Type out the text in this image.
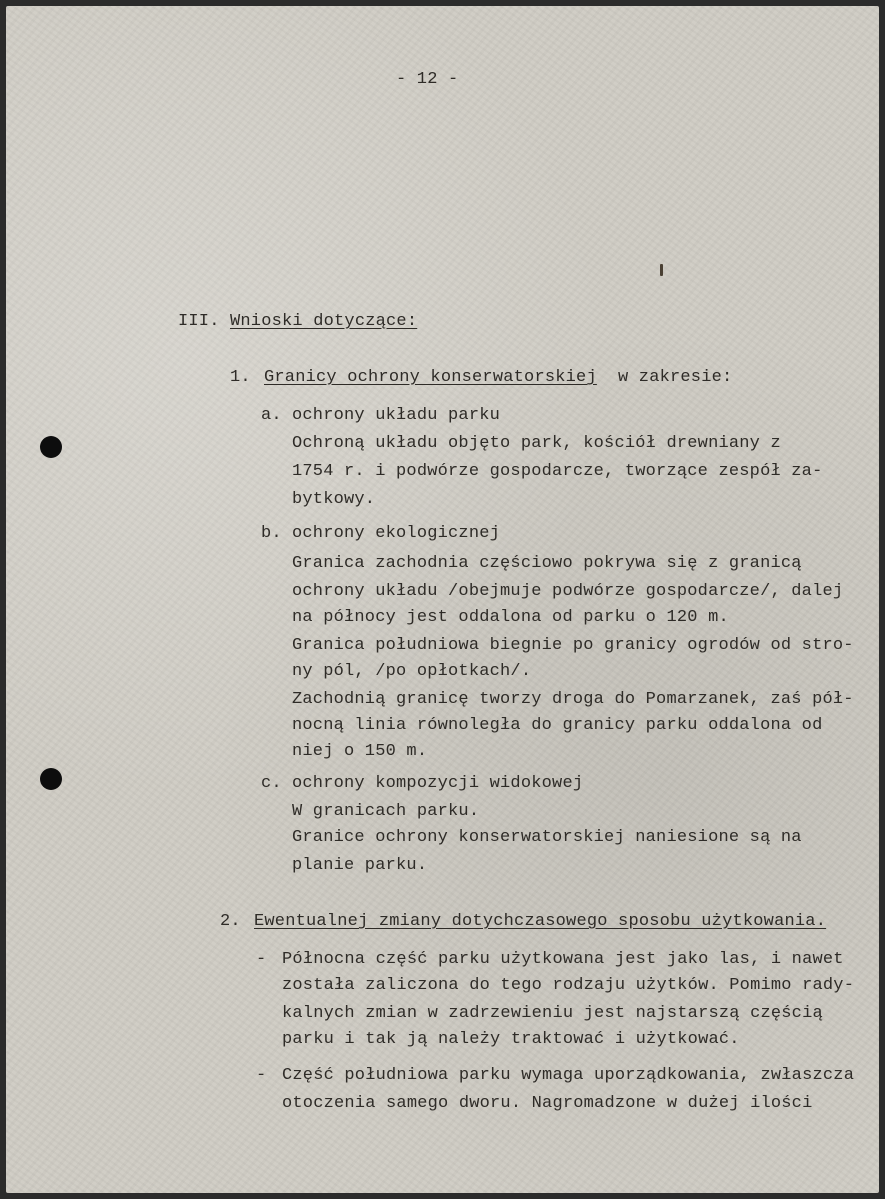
- 12 -
III. Wnioski dotyczące:
1. Granicy ochrony konserwatorskiej w zakresie:
a. ochrony układu parku
Ochroną układu objęto park, kościół drewniany z
1754 r. i podwórze gospodarcze, tworzące zespół za-
bytkowy.
b. ochrony ekologicznej
Granica zachodnia częściowo pokrywa się z granicą
ochrony układu /obejmuje podwórze gospodarcze/, dalej
na północy jest oddalona od parku o 120 m.
Granica południowa biegnie po granicy ogrodów od stro-
ny pól, /po opłotkach/.
Zachodnią granicę tworzy droga do Pomarzanek, zaś pół-
nocną linia równoległa do granicy parku oddalona od
niej o 150 m.
c. ochrony kompozycji widokowej
W granicach parku.
Granice ochrony konserwatorskiej naniesione są na
planie parku.
2. Ewentualnej zmiany dotychczasowego sposobu użytkowania.
- Północna część parku użytkowana jest jako las, i nawet
została zaliczona do tego rodzaju użytków. Pomimo rady-
kalnych zmian w zadrzewieniu jest najstarszą częścią
parku i tak ją należy traktować i użytkować.
- Część południowa parku wymaga uporządkowania, zwłaszcza
otoczenia samego dworu. Nagromadzone w dużej ilości
